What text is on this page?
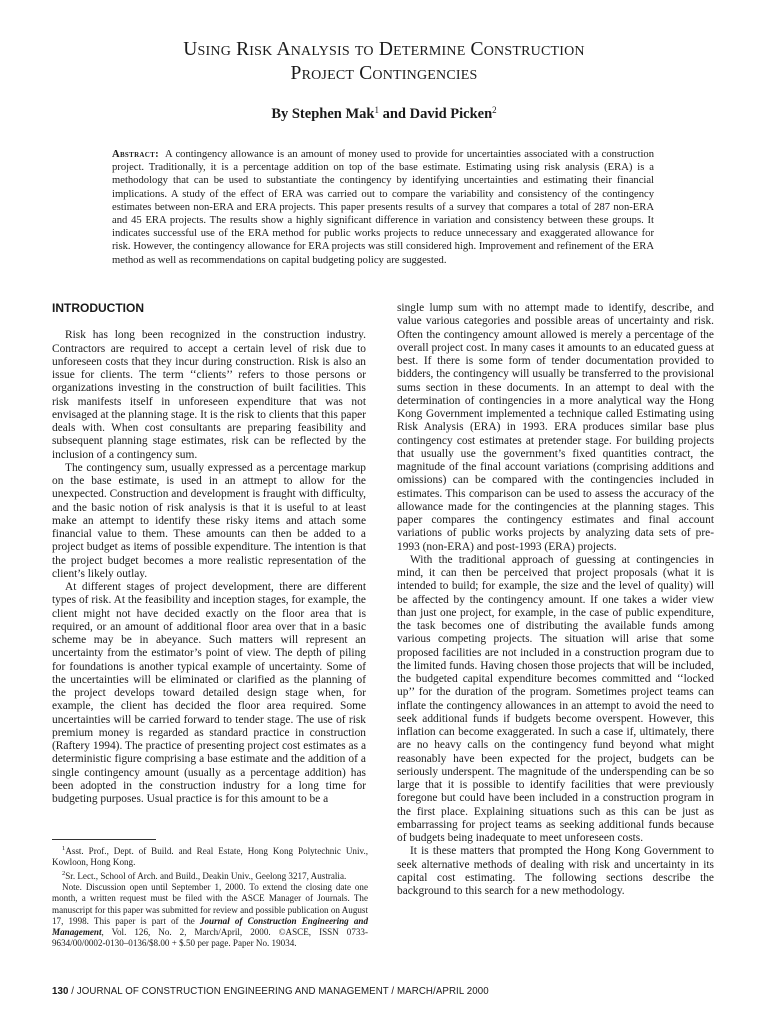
Using Risk Analysis to Determine Construction
Project Contingencies

By Stephen Mak$^1$ and David Picken$^2$

Abstract: A contingency allowance is an amount of money used to provide for uncertainties associated with a construction project. Traditionally, it is a percentage addition on top of the base estimate. Estimating using risk analysis (ERA) is a methodology that can be used to substantiate the contingency by identifying uncertainties and estimating their financial implications. A study of the effect of ERA was carried out to compare the variability and consistency of the contingency estimates between non-ERA and ERA projects. This paper presents results of a survey that compares a total of 287 non-ERA and 45 ERA projects. The results show a highly significant difference in variation and consistency between these groups. It indicates successful use of the ERA method for public works projects to reduce unnecessary and exaggerated allowance for risk. However, the contingency allowance for ERA projects was still considered high. Improvement and refinement of the ERA method as well as recommendations on capital budgeting policy are suggested.

INTRODUCTION

Risk has long been recognized in the construction industry. Contractors are required to accept a certain level of risk due to unforeseen costs that they incur during construction. Risk is also an issue for clients. The term ‘‘clients’’ refers to those persons or organizations investing in the construction of built facilities. This risk manifests itself in unforeseen expenditure that was not envisaged at the planning stage. It is the risk to clients that this paper deals with. When cost consultants are preparing feasibility and subsequent planning stage estimates, risk can be reflected by the inclusion of a contingency sum.

The contingency sum, usually expressed as a percentage markup on the base estimate, is used in an attmept to allow for the unexpected. Construction and development is fraught with difficulty, and the basic notion of risk analysis is that it is useful to at least make an attempt to identify these risky items and attach some financial value to them. These amounts can then be added to a project budget as items of possible expenditure. The intention is that the project budget becomes a more realistic representation of the client’s likely outlay.

At different stages of project development, there are different types of risk. At the feasibility and inception stages, for example, the client might not have decided exactly on the floor area that is required, or an amount of additional floor area over that in a basic scheme may be in abeyance. Such matters will represent an uncertainty from the estimator’s point of view. The depth of piling for foundations is another typical example of uncertainty. Some of the uncertainties will be eliminated or clarified as the planning of the project develops toward detailed design stage when, for example, the client has decided the floor area required. Some uncertainties will be carried forward to tender stage. The use of risk premium money is regarded as standard practice in construction (Raftery 1994). The practice of presenting project cost estimates as a deterministic figure comprising a base estimate and the addition of a single contingency amount (usually as a percentage addition) has been adopted in the construction industry for a long time for budgeting purposes. Usual practice is for this amount to be a

$^1$Asst. Prof., Dept. of Build. and Real Estate, Hong Kong Polytechnic Univ., Kowloon, Hong Kong.

$^2$Sr. Lect., School of Arch. and Build., Deakin Univ., Geelong 3217, Australia.

Note. Discussion open until September 1, 2000. To extend the closing date one month, a written request must be filed with the ASCE Manager of Journals. The manuscript for this paper was submitted for review and possible publication on August 17, 1998. This paper is part of the Journal of Construction Engineering and Management, Vol. 126, No. 2, March/April, 2000. ©ASCE, ISSN 0733-9634/00/0002-0130–0136/$8.00 + $.50 per page. Paper No. 19034.

single lump sum with no attempt made to identify, describe, and value various categories and possible areas of uncertainty and risk. Often the contingency amount allowed is merely a percentage of the overall project cost. In many cases it amounts to an educated guess at best. If there is some form of tender documentation provided to bidders, the contingency will usually be transferred to the provisional sums section in these documents. In an attempt to deal with the determination of contingencies in a more analytical way the Hong Kong Government implemented a technique called Estimating using Risk Analysis (ERA) in 1993. ERA produces similar base plus contingency cost estimates at pretender stage. For building projects that usually use the government’s fixed quantities contract, the magnitude of the final account variations (comprising additions and omissions) can be compared with the contingencies included in estimates. This comparison can be used to assess the accuracy of the allowance made for the contingencies at the planning stages. This paper compares the contingency estimates and final account variations of public works projects by analyzing data sets of pre-1993 (non-ERA) and post-1993 (ERA) projects.

With the traditional approach of guessing at contingencies in mind, it can then be perceived that project proposals (what it is intended to build; for example, the size and the level of quality) will be affected by the contingency amount. If one takes a wider view than just one project, for example, in the case of public expenditure, the task becomes one of distributing the available funds among various competing projects. The situation will arise that some proposed facilities are not included in a construction program due to the limited funds. Having chosen those projects that will be included, the budgeted capital expenditure becomes committed and ‘‘locked up’’ for the duration of the program. Sometimes project teams can inflate the contingency allowances in an attempt to avoid the need to seek additional funds if budgets become overspent. However, this inflation can become exaggerated. In such a case if, ultimately, there are no heavy calls on the contingency fund beyond what might reasonably have been expected for the project, budgets can be seriously underspent. The magnitude of the underspending can be so large that it is possible to identify facilities that were previously foregone but could have been included in a construction program in the first place. Explaining situations such as this can be just as embarrassing for project teams as seeking additional funds because of budgets being inadequate to meet unforeseen costs.

It is these matters that prompted the Hong Kong Government to seek alternative methods of dealing with risk and uncertainty in its capital cost estimating. The following sections describe the background to this search for a new methodology.

130 / JOURNAL OF CONSTRUCTION ENGINEERING AND MANAGEMENT / MARCH/APRIL 2000
